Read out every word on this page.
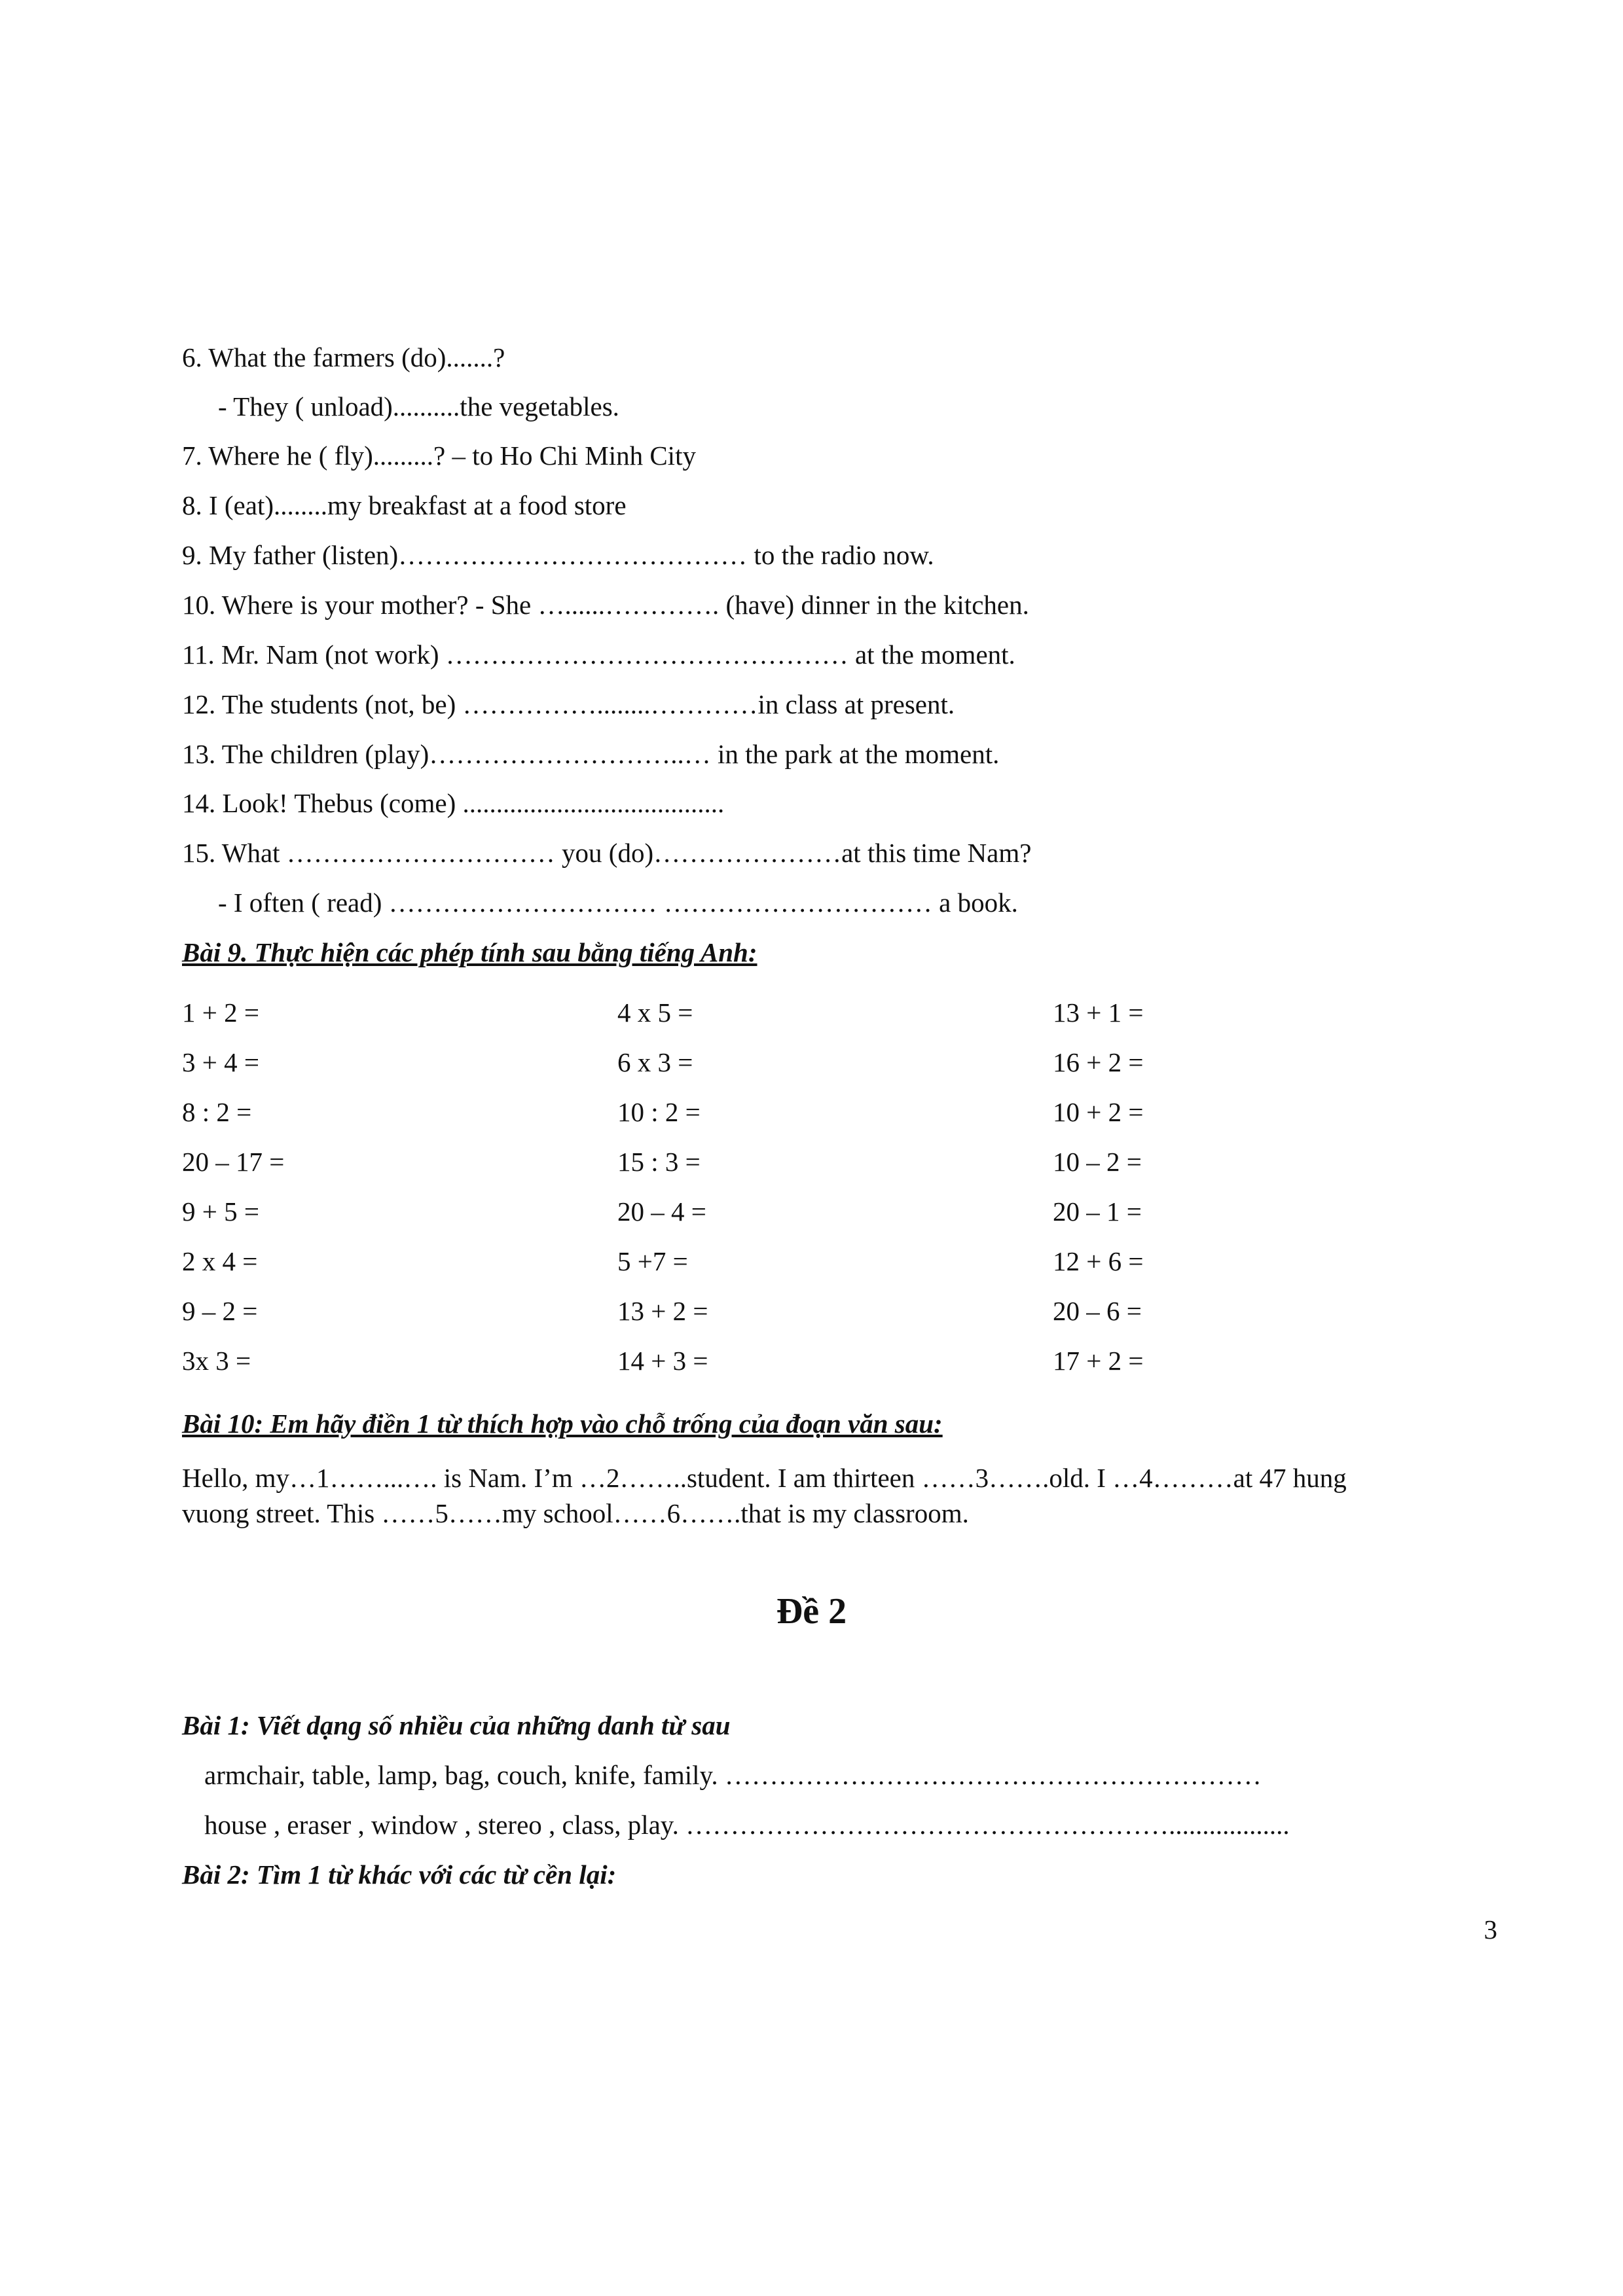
6. What the farmers (do).......?
- They ( unload)..........the vegetables.
7. Where he ( fly).........? – to Ho Chi Minh City
8. I (eat)........my breakfast at a food store
9. My father (listen)………………………………… to the radio now.
10. Where is your mother? - She …......…………. (have) dinner in the kitchen.
11. Mr. Nam (not work) ……………………………………… at the moment.
12. The students (not, be) ……………........…………in class at present.
13. The children (play)………………………..… in the park at the moment.
14. Look! Thebus (come) .......................................
15. What ………………………… you (do)…………………at this time Nam?
- I often ( read) ………………………… ………………………… a book.
Bài 9. Thực hiện các phép tính sau bằng tiếng Anh:
1 + 2 =
3 + 4 =
8 : 2 =
20 – 17 =
9 + 5 =
2 x 4 =
9 – 2 =
3x 3 =
4 x 5 =
6 x 3 =
10 : 2 =
15 : 3 =
20 – 4 =
5 +7 =
13 + 2 =
14 + 3 =
13 + 1 =
16 + 2 =
10 + 2 =
10 – 2 =
20 – 1 =
12 + 6 =
20 – 6 =
17 + 2 =
Bài 10: Em hãy điền 1 từ thích hợp vào chỗ trống của đoạn văn sau:
Hello, my…1……...…. is Nam. I’m …2……..student. I am thirteen ……3…….old. I …4………at 47 hung
vuong street. This ……5……my school……6…….that is my classroom.
Đề 2
Bài 1: Viết dạng số nhiều của những danh từ sau
armchair, table, lamp, bag, couch, knife, family. ……………………………………………………
house , eraser , window , stereo , class, play. ………………………………………………..................
Bài 2: Tìm 1 từ khác với các từ cền lại:
3
